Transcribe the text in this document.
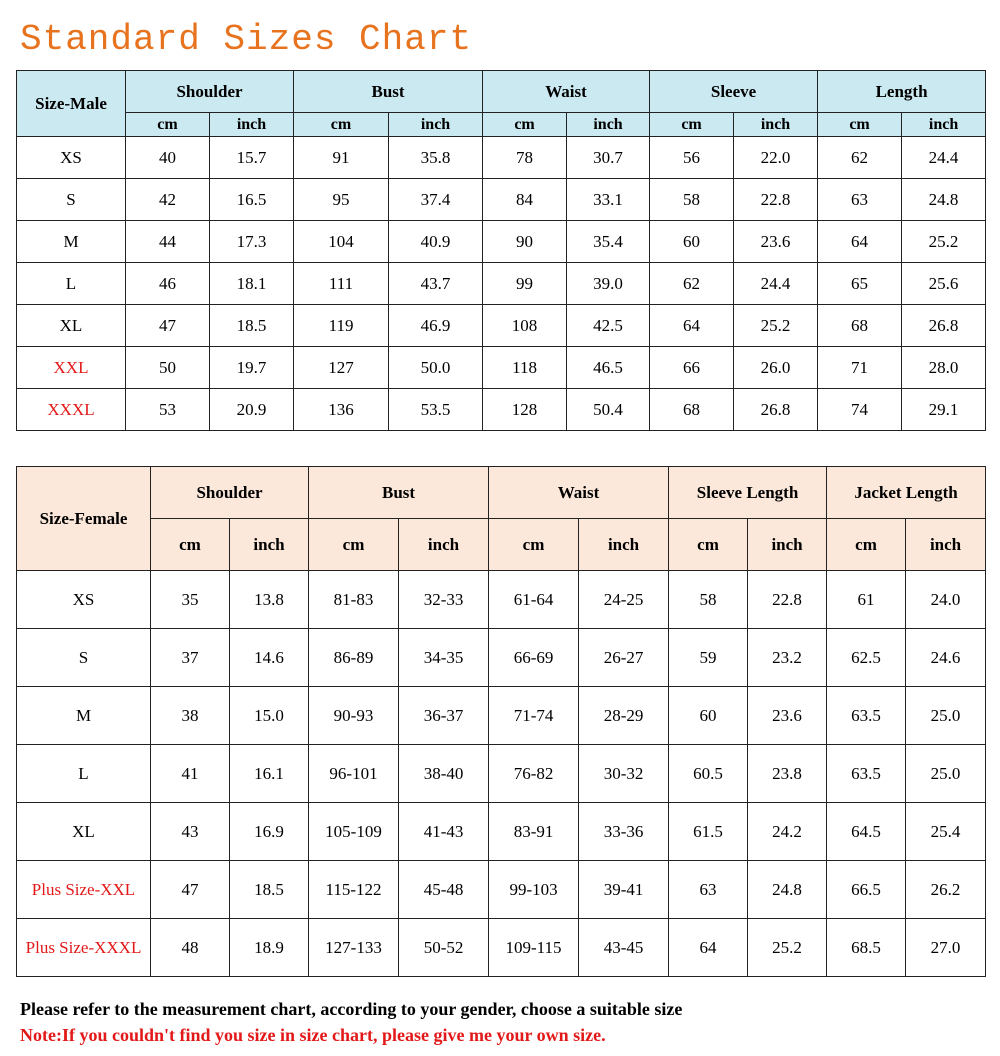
Standard Sizes Chart
Size-Male	Shoulder		Bust		Waist		Sleeve		Length	
	cm	inch	cm	inch	cm	inch	cm	inch	cm	inch
XS	40	15.7	91	35.8	78	30.7	56	22.0	62	24.4
S	42	16.5	95	37.4	84	33.1	58	22.8	63	24.8
M	44	17.3	104	40.9	90	35.4	60	23.6	64	25.2
L	46	18.1	111	43.7	99	39.0	62	24.4	65	25.6
XL	47	18.5	119	46.9	108	42.5	64	25.2	68	26.8
XXL	50	19.7	127	50.0	118	46.5	66	26.0	71	28.0
XXXL	53	20.9	136	53.5	128	50.4	68	26.8	74	29.1
Size-Female	Shoulder		Bust		Waist		Sleeve Length		Jacket Length	
	cm	inch	cm	inch	cm	inch	cm	inch	cm	inch
XS	35	13.8	81-83	32-33	61-64	24-25	58	22.8	61	24.0
S	37	14.6	86-89	34-35	66-69	26-27	59	23.2	62.5	24.6
M	38	15.0	90-93	36-37	71-74	28-29	60	23.6	63.5	25.0
L	41	16.1	96-101	38-40	76-82	30-32	60.5	23.8	63.5	25.0
XL	43	16.9	105-109	41-43	83-91	33-36	61.5	24.2	64.5	25.4
Plus Size-XXL	47	18.5	115-122	45-48	99-103	39-41	63	24.8	66.5	26.2
Plus Size-XXXL	48	18.9	127-133	50-52	109-115	43-45	64	25.2	68.5	27.0
Please refer to the measurement chart, according to your gender, choose a suitable size
Note:If you couldn't find you size in size chart, please give me your own size.
